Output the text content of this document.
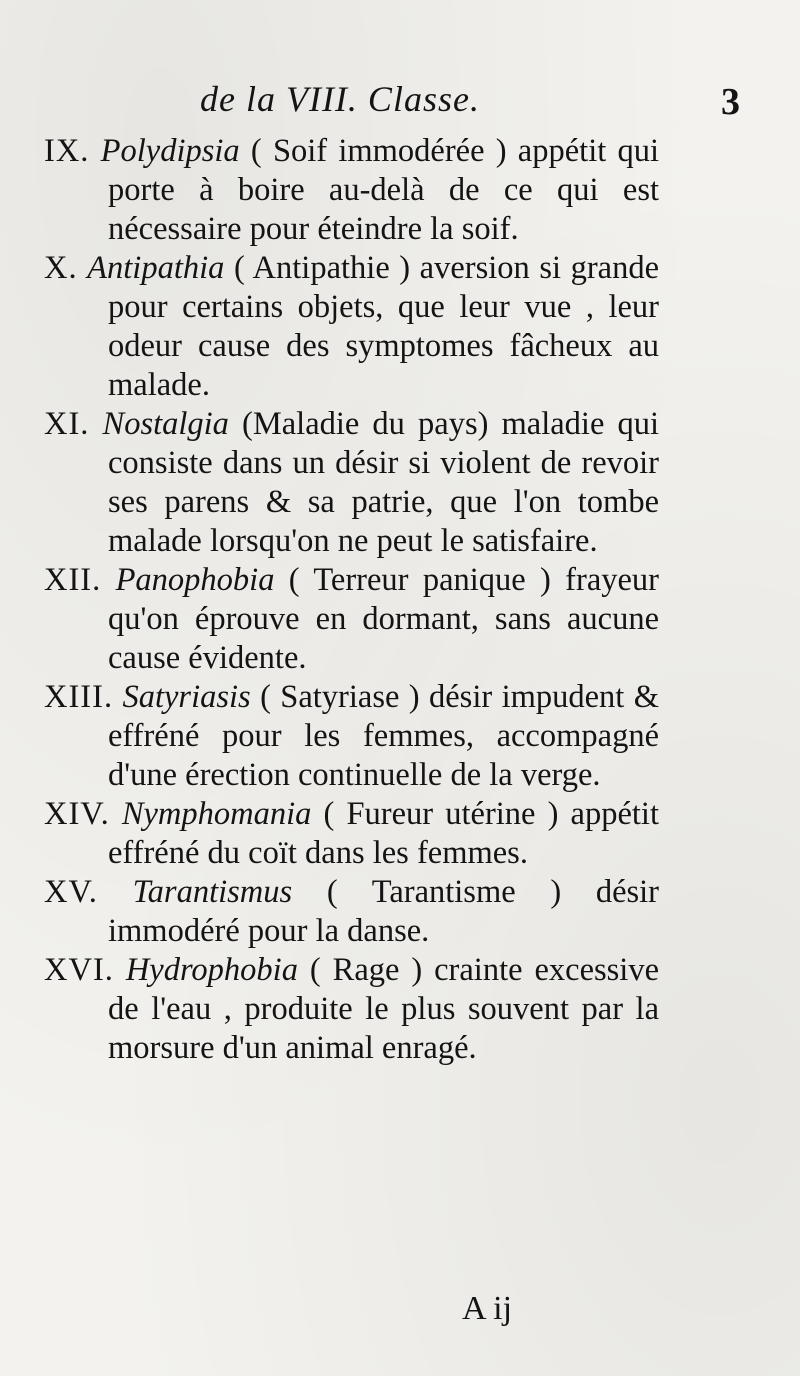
de la VIII. Classe.	3

IX. Polydipsia ( Soif immodérée ) appétit qui porte à boire au-delà de ce qui est nécessaire pour éteindre la soif.

X. Antipathia ( Antipathie ) aversion si grande pour certains objets, que leur vue , leur odeur cause des symptomes fâcheux au malade.

XI. Nostalgia (Maladie du pays) maladie qui consiste dans un désir si violent de revoir ses parens & sa patrie, que l'on tombe malade lorsqu'on ne peut le satisfaire.

XII. Panophobia ( Terreur panique ) frayeur qu'on éprouve en dormant, sans aucune cause évidente.

XIII. Satyriasis ( Satyriase ) désir impudent & effréné pour les femmes, accompagné d'une érection continuelle de la verge.

XIV. Nymphomania ( Fureur utérine ) appétit effréné du coït dans les femmes.

XV. Tarantismus ( Tarantisme ) désir immodéré pour la danse.

XVI. Hydrophobia ( Rage ) crainte excessive de l'eau , produite le plus souvent par la morsure d'un animal enragé.

A ij
